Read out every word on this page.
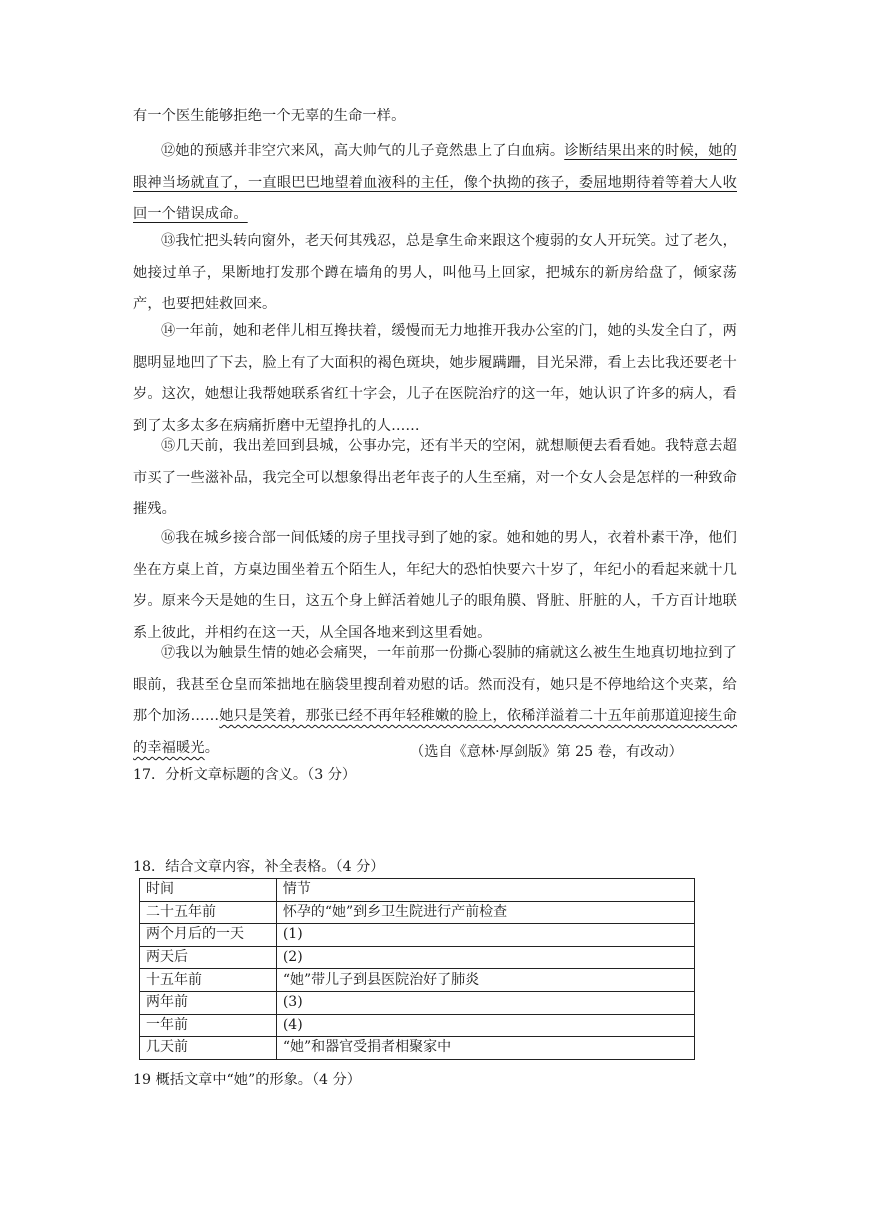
有一个医生能够拒绝一个无辜的生命一样。

⑫她的预感并非空穴来风，高大帅气的儿子竟然患上了白血病。诊断结果出来的时候，她的眼神当场就直了，一直眼巴巴地望着血液科的主任，像个执拗的孩子，委屈地期待着等着大人收回一个错误成命。

⑬我忙把头转向窗外，老天何其残忍，总是拿生命来跟这个瘦弱的女人开玩笑。过了老久，她接过单子，果断地打发那个蹲在墙角的男人，叫他马上回家，把城东的新房给盘了，倾家荡产，也要把娃救回来。

⑭一年前，她和老伴儿相互搀扶着，缓慢而无力地推开我办公室的门，她的头发全白了，两腮明显地凹了下去，脸上有了大面积的褐色斑块，她步履蹒跚，目光呆滞，看上去比我还要老十岁。这次，她想让我帮她联系省红十字会，儿子在医院治疗的这一年，她认识了许多的病人，看到了太多太多在病痛折磨中无望挣扎的人……

⑮几天前，我出差回到县城，公事办完，还有半天的空闲，就想顺便去看看她。我特意去超市买了一些滋补品，我完全可以想象得出老年丧子的人生至痛，对一个女人会是怎样的一种致命摧残。

⑯我在城乡接合部一间低矮的房子里找寻到了她的家。她和她的男人，衣着朴素干净，他们坐在方桌上首，方桌边围坐着五个陌生人，年纪大的恐怕快要六十岁了，年纪小的看起来就十几岁。原来今天是她的生日，这五个身上鲜活着她儿子的眼角膜、肾脏、肝脏的人，千方百计地联系上彼此，并相约在这一天，从全国各地来到这里看她。

⑰我以为触景生情的她必会痛哭，一年前那一份撕心裂肺的痛就这么被生生地真切地拉到了眼前，我甚至仓皇而笨拙地在脑袋里搜刮着劝慰的话。然而没有，她只是不停地给这个夹菜，给那个加汤……她只是笑着，那张已经不再年轻稚嫩的脸上，依稀洋溢着二十五年前那道迎接生命的幸福暖光。	（选自《意林·厚剑版》第 25 卷，有改动）
17．分析文章标题的含义。（3 分）
18．结合文章内容，补全表格。（4 分）
时间	情节
二十五年前	怀孕的“她”到乡卫生院进行产前检查
两个月后的一天	(1)
两天后	(2)
十五年前	“她”带儿子到县医院治好了肺炎
两年前	(3)
一年前	(4)
几天前	“她”和器官受捐者相聚家中
19 概括文章中“她”的形象。（4 分）
